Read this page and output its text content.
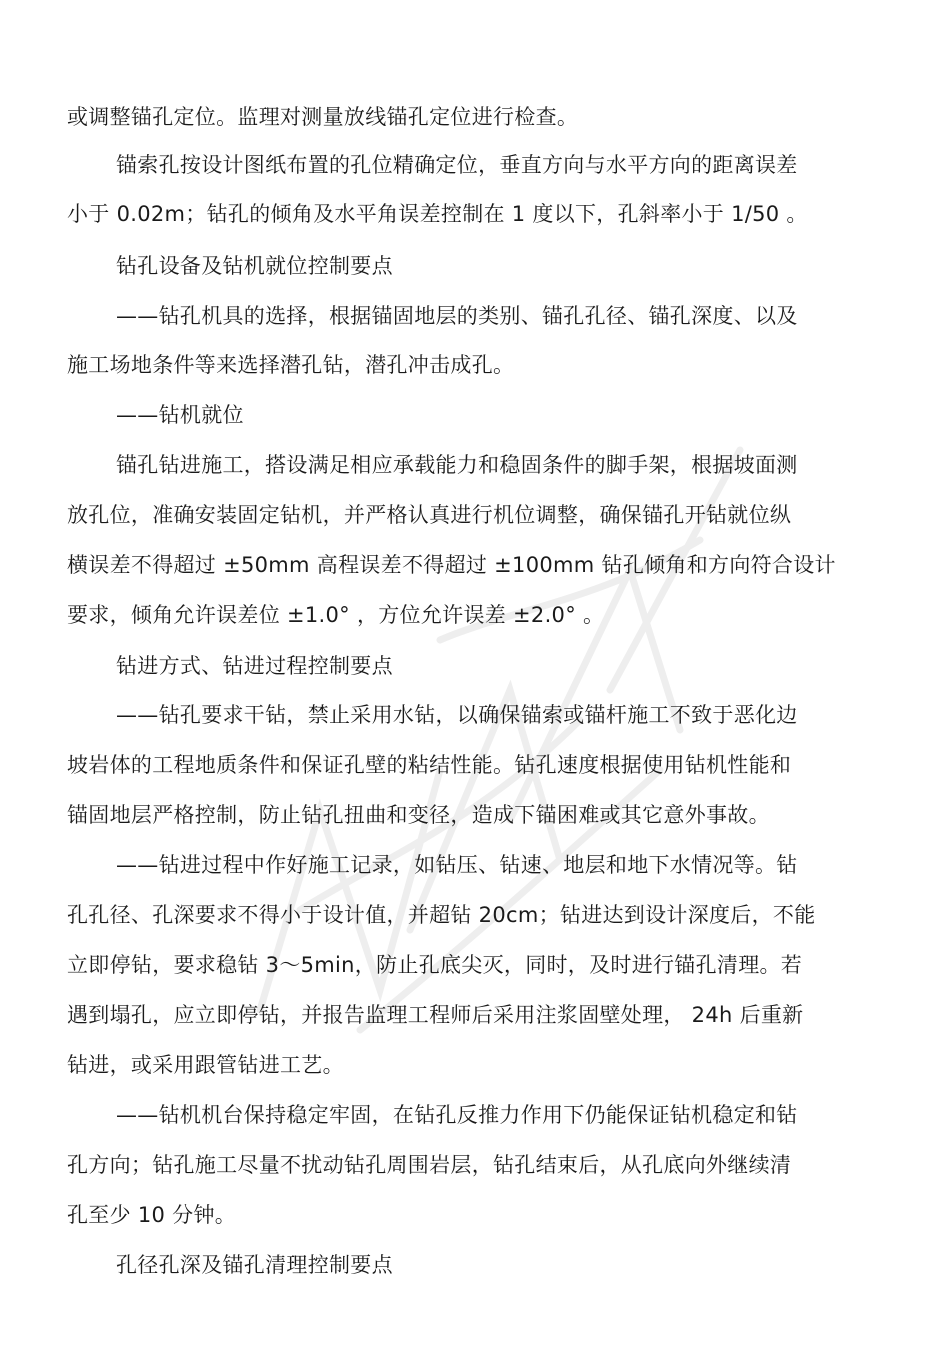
或调整锚孔定位。监理对测量放线锚孔定位进行检查。
锚索孔按设计图纸布置的孔位精确定位，垂直方向与水平方向的距离误差
小于 0.02m；钻孔的倾角及水平角误差控制在 1 度以下，孔斜率小于 1/50 。
钻孔设备及钻机就位控制要点
——钻孔机具的选择，根据锚固地层的类别、锚孔孔径、锚孔深度、以及
施工场地条件等来选择潜孔钻，潜孔冲击成孔。
——钻机就位
锚孔钻进施工，搭设满足相应承载能力和稳固条件的脚手架，根据坡面测
放孔位，准确安装固定钻机，并严格认真进行机位调整，确保锚孔开钻就位纵
横误差不得超过 ±50mm 高程误差不得超过 ±100mm 钻孔倾角和方向符合设计
要求，倾角允许误差位 ±1.0° ，方位允许误差 ±2.0° 。
钻进方式、钻进过程控制要点
——钻孔要求干钻，禁止采用水钻，以确保锚索或锚杆施工不致于恶化边
坡岩体的工程地质条件和保证孔壁的粘结性能。钻孔速度根据使用钻机性能和
锚固地层严格控制，防止钻孔扭曲和变径，造成下锚困难或其它意外事故。
——钻进过程中作好施工记录，如钻压、钻速、地层和地下水情况等。钻
孔孔径、孔深要求不得小于设计值，并超钻 20cm；钻进达到设计深度后，不能
立即停钻，要求稳钻 3～5min，防止孔底尖灭，同时，及时进行锚孔清理。若
遇到塌孔，应立即停钻，并报告监理工程师后采用注浆固壁处理， 24h 后重新
钻进，或采用跟管钻进工艺。
——钻机机台保持稳定牢固，在钻孔反推力作用下仍能保证钻机稳定和钻
孔方向；钻孔施工尽量不扰动钻孔周围岩层，钻孔结束后，从孔底向外继续清
孔至少 10 分钟。
孔径孔深及锚孔清理控制要点
